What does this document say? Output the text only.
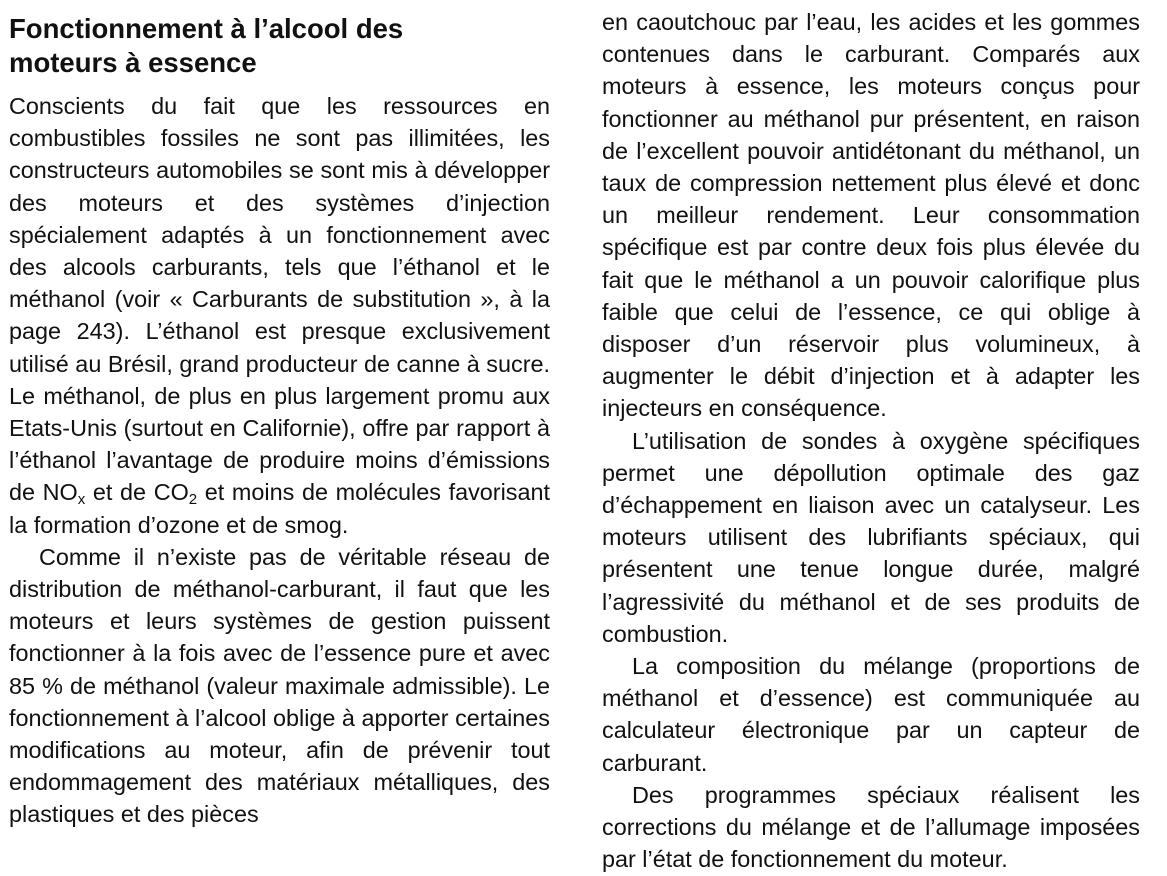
Fonctionnement à l’alcool des
moteurs à essence

Conscients du fait que les ressources en combustibles fossiles ne sont pas illimitées, les constructeurs automobiles se sont mis à développer des moteurs et des systèmes d’injection spécialement adaptés à un fonctionnement avec des alcools carburants, tels que l’éthanol et le méthanol (voir « Carburants de substitution », à la page 243). L’éthanol est presque exclusivement utilisé au Brésil, grand producteur de canne à sucre. Le méthanol, de plus en plus largement promu aux Etats-Unis (surtout en Californie), offre par rapport à l’éthanol l’avantage de produire moins d’émissions de $NO_x$ et de $CO_2$ et moins de molécules favorisant la formation d’ozone et de smog.

Comme il n’existe pas de véritable réseau de distribution de méthanol-carburant, il faut que les moteurs et leurs systèmes de gestion puissent fonctionner à la fois avec de l’essence pure et avec 85 % de méthanol (valeur maximale admissible). Le fonctionnement à l’alcool oblige à apporter certaines modifications au moteur, afin de prévenir tout endommagement des matériaux métalliques, des plastiques et des pièces

en caoutchouc par l’eau, les acides et les gommes contenues dans le carburant. Comparés aux moteurs à essence, les moteurs conçus pour fonctionner au méthanol pur présentent, en raison de l’excellent pouvoir antidétonant du méthanol, un taux de compression nettement plus élevé et donc un meilleur rendement. Leur consommation spécifique est par contre deux fois plus élevée du fait que le méthanol a un pouvoir calorifique plus faible que celui de l’essence, ce qui oblige à disposer d’un réservoir plus volumineux, à augmenter le débit d’injection et à adapter les injecteurs en conséquence.

L’utilisation de sondes à oxygène spécifiques permet une dépollution optimale des gaz d’échappement en liaison avec un catalyseur. Les moteurs utilisent des lubrifiants spéciaux, qui présentent une tenue longue durée, malgré l’agressivité du méthanol et de ses produits de combustion.

La composition du mélange (proportions de méthanol et d’essence) est communiquée au calculateur électronique par un capteur de carburant.

Des programmes spéciaux réalisent les corrections du mélange et de l’allumage imposées par l’état de fonctionnement du moteur.
